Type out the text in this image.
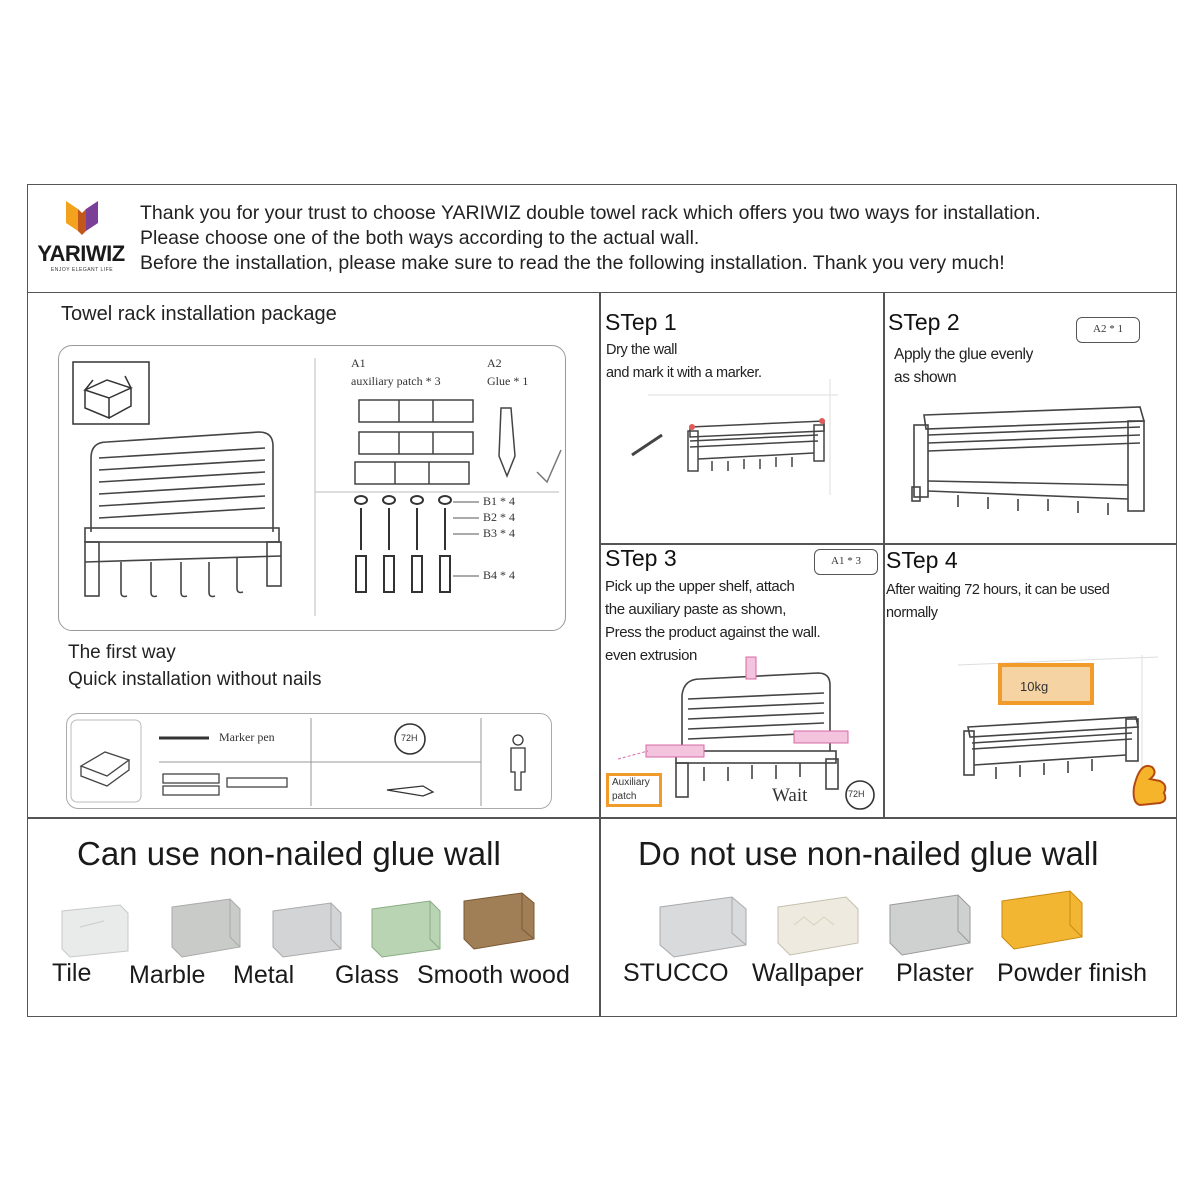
YARIWIZ
ENJOY ELEGANT LIFE
Thank you for your trust to choose YARIWIZ double towel rack which offers you two ways for installation.
Please choose one of the both ways according to the actual wall.
Before the installation, please make sure to read the the following installation. Thank you very much!
Towel rack installation package
A1
auxiliary patch * 3
A2
Glue * 1
B1 * 4
B2 * 4
B3 * 4
B4 * 4
The first way
Quick installation without nails
Marker pen	72H
STep 1
Dry the wall
and mark it with a marker.
STep 2	A2 * 1
Apply the glue evenly
as shown
STep 3	A1 * 3
Pick up the upper shelf, attach
the auxiliary paste as shown,
Press the product against the wall.
even extrusion
Auxiliary
patch	Wait	72H
STep 4
After waiting 72 hours, it can be used
normally
10kg
Can use non-nailed glue wall
Tile Marble Metal Glass Smooth wood
Do not use non-nailed glue wall
STUCCO Wallpaper Plaster Powder finish
